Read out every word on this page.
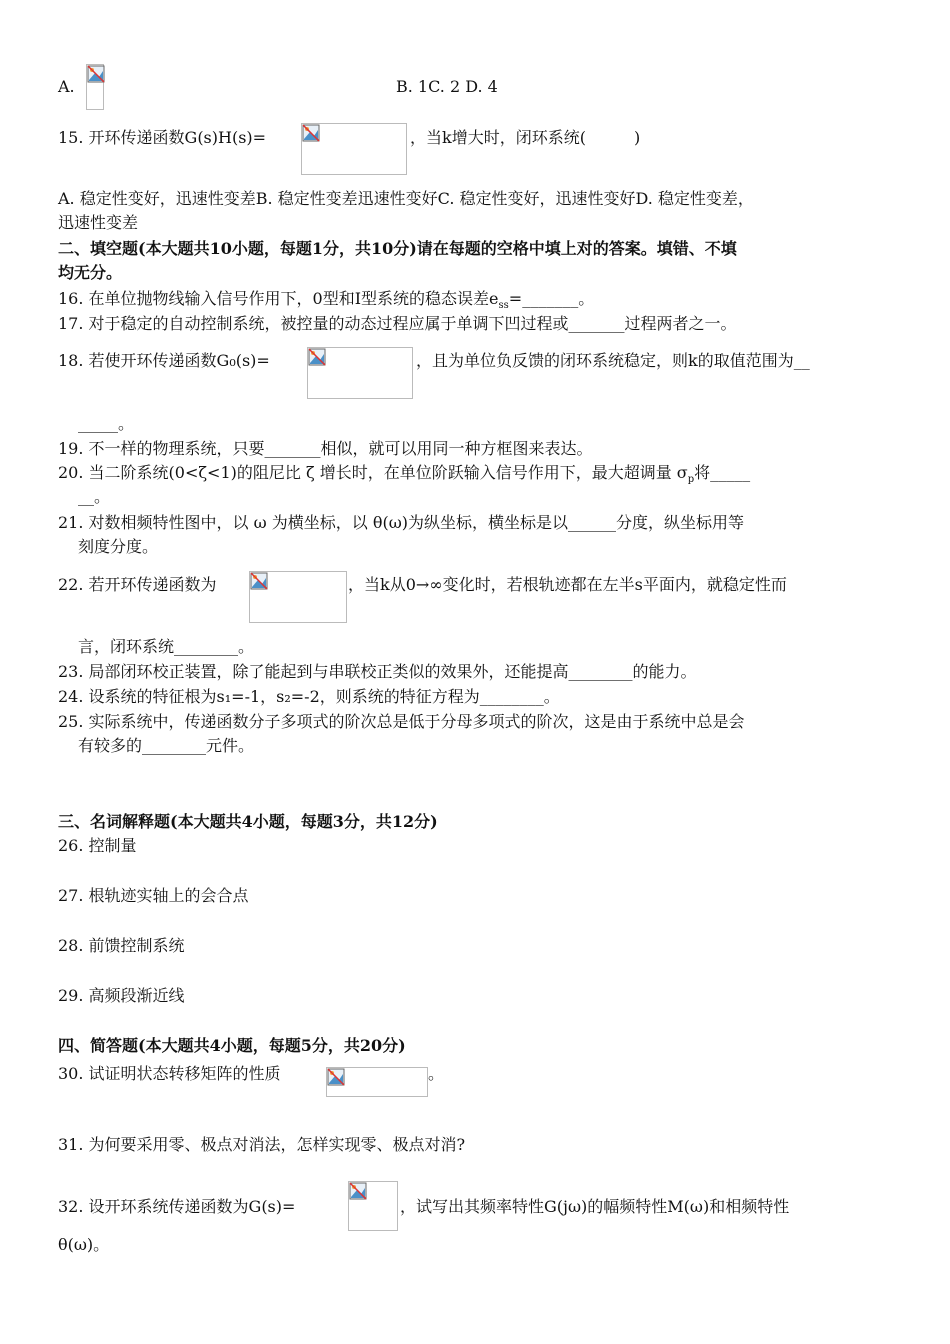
A.	B. 1C. 2 D. 4
15. 开环传递函数G(s)H(s)=	，当k增大时，闭环系统(　　　)
A. 稳定性变好，迅速性变差B. 稳定性变差迅速性变好C. 稳定性变好，迅速性变好D. 稳定性变差，
迅速性变差
二、填空题(本大题共10小题，每题1分，共10分)请在每题的空格中填上对的答案。填错、不填
均无分。
16. 在单位抛物线输入信号作用下，0型和Ⅰ型系统的稳态误差$e_{ss}=\_\_\_\_\_\_\_$。
17. 对于稳定的自动控制系统，被控量的动态过程应属于单调下凹过程或_______过程两者之一。
18. 若使开环传递函数G₀(s)=	，且为单位负反馈的闭环系统稳定，则k的取值范围为__
_____。
19. 不一样的物理系统，只要_______相似，就可以用同一种方框图来表达。
20. 当二阶系统(0<ζ<1)的阻尼比 ζ 增长时，在单位阶跃输入信号作用下，最大超调量 $\sigma_p$将_____
__。
21. 对数相频特性图中，以 ω 为横坐标，以 θ(ω)为纵坐标，横坐标是以______分度，纵坐标用等
刻度分度。
22. 若开环传递函数为	，当k从0→∞变化时，若根轨迹都在左半s平面内，就稳定性而
言，闭环系统________。
23. 局部闭环校正装置，除了能起到与串联校正类似的效果外，还能提高________的能力。
24. 设系统的特征根为s₁=-1，s₂=-2，则系统的特征方程为________。
25. 实际系统中，传递函数分子多项式的阶次总是低于分母多项式的阶次，这是由于系统中总是会
有较多的________元件。
三、名词解释题(本大题共4小题，每题3分，共12分)
26. 控制量
27. 根轨迹实轴上的会合点
28. 前馈控制系统
29. 高频段渐近线
四、简答题(本大题共4小题，每题5分，共20分)
30. 试证明状态转移矩阵的性质	。
31. 为何要采用零、极点对消法，怎样实现零、极点对消?
32. 设开环系统传递函数为G(s)=	，试写出其频率特性G(jω)的幅频特性M(ω)和相频特性
θ(ω)。
